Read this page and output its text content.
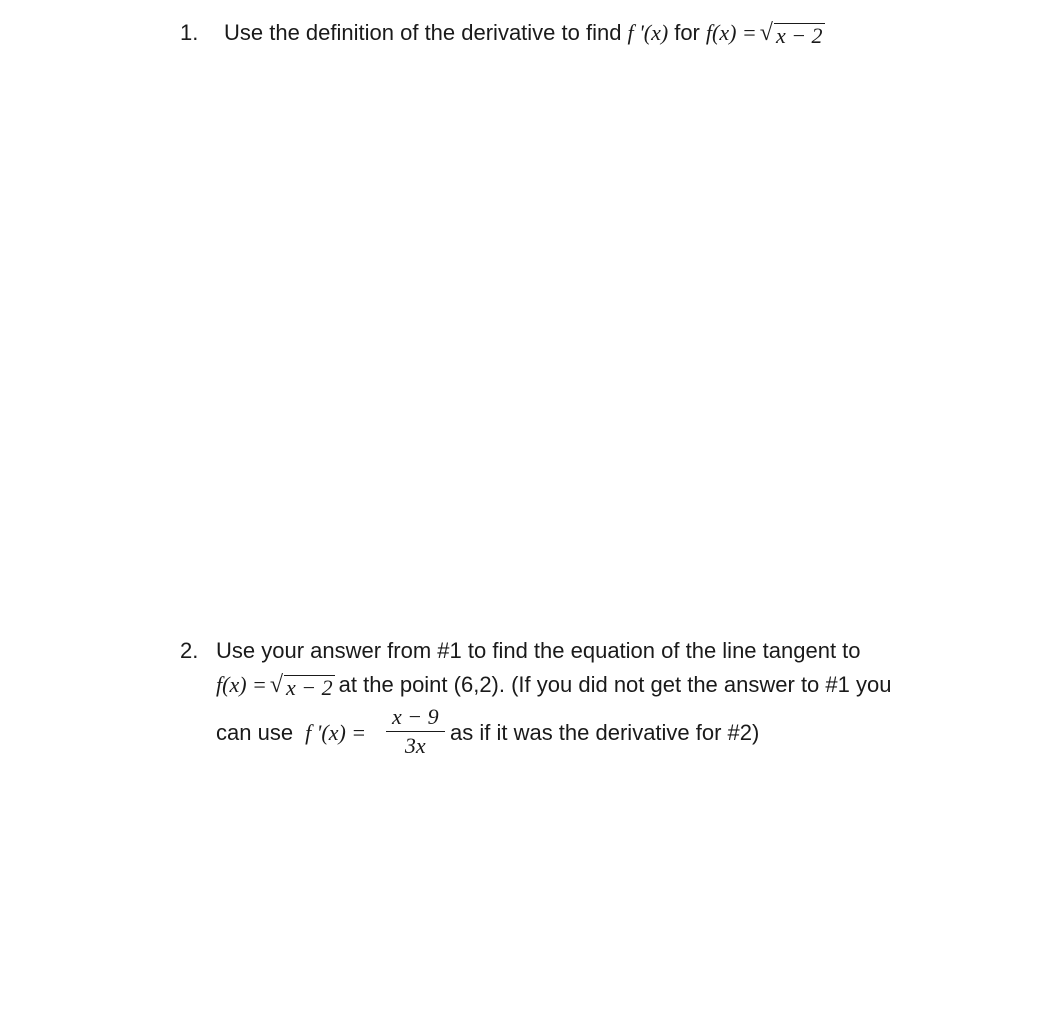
1. Use the definition of the derivative to find f '(x) for f(x) = √ x − 2
2. Use your answer from #1 to find the equation of the line tangent to
f(x) = √ x − 2 at the point (6,2). (If you did not get the answer to #1 you
can use f '$(x) = \frac{x - 9}{3x}$ as if it was the derivative for #2)
